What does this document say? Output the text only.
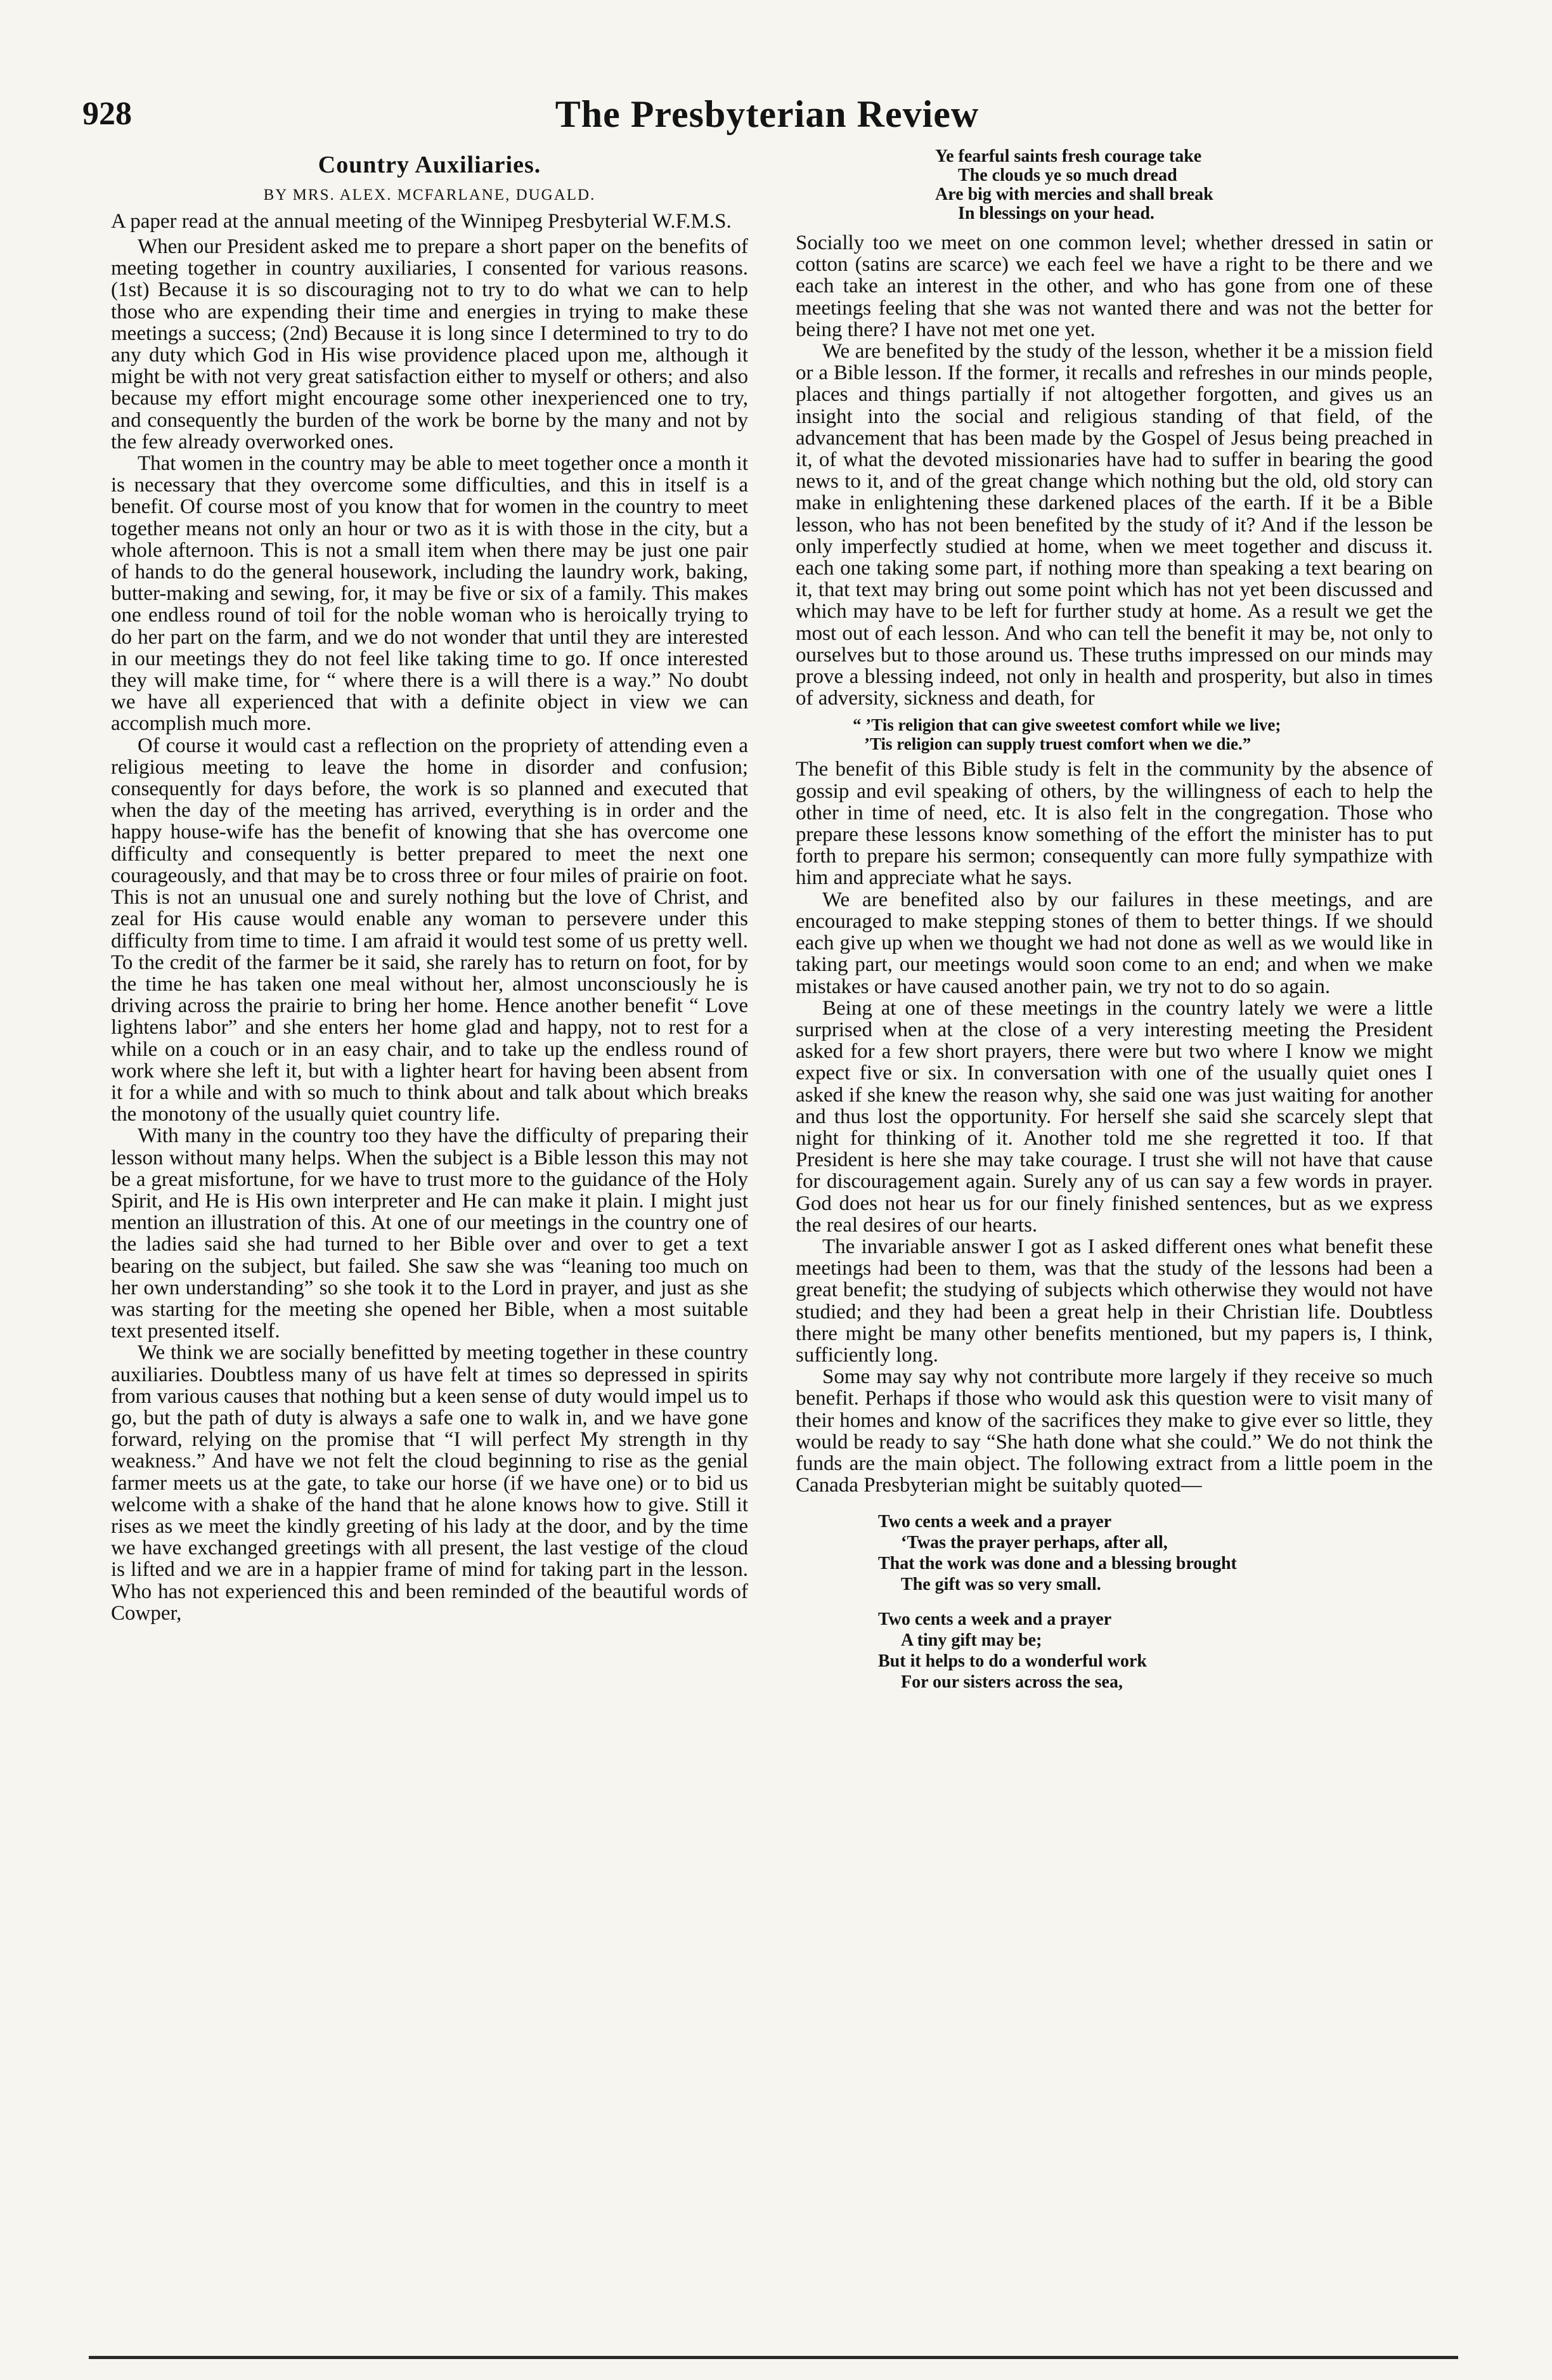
928	The Presbyterian Review
Country Auxiliaries.
BY MRS. ALEX. MCFARLANE, DUGALD.

A paper read at the annual meeting of the Winnipeg Presbyterial W.F.M.S.

When our President asked me to prepare a short paper on the benefits of meeting together in country auxiliaries, I consented for various reasons. (1st) Because it is so discouraging not to try to do what we can to help those who are expending their time and energies in trying to make these meetings a success; (2nd) Because it is long since I determined to try to do any duty which God in His wise providence placed upon me, although it might be with not very great satisfaction either to myself or others; and also because my effort might encourage some other inexperienced one to try, and consequently the burden of the work be borne by the many and not by the few already overworked ones.

That women in the country may be able to meet together once a month it is necessary that they overcome some difficulties, and this in itself is a benefit. Of course most of you know that for women in the country to meet together means not only an hour or two as it is with those in the city, but a whole afternoon. This is not a small item when there may be just one pair of hands to do the general housework, including the laundry work, baking, butter-making and sewing, for, it may be five or six of a family. This makes one endless round of toil for the noble woman who is heroically trying to do her part on the farm, and we do not wonder that until they are interested in our meetings they do not feel like taking time to go. If once interested they will make time, for “ where there is a will there is a way.” No doubt we have all experienced that with a definite object in view we can accomplish much more.

Of course it would cast a reflection on the propriety of attending even a religious meeting to leave the home in disorder and confusion; consequently for days before, the work is so planned and executed that when the day of the meeting has arrived, everything is in order and the happy house-wife has the benefit of knowing that she has overcome one difficulty and consequently is better prepared to meet the next one courageously, and that may be to cross three or four miles of prairie on foot. This is not an unusual one and surely nothing but the love of Christ, and zeal for His cause would enable any woman to persevere under this difficulty from time to time. I am afraid it would test some of us pretty well. To the credit of the farmer be it said, she rarely has to return on foot, for by the time he has taken one meal without her, almost unconsciously he is driving across the prairie to bring her home. Hence another benefit “ Love lightens labor” and she enters her home glad and happy, not to rest for a while on a couch or in an easy chair, and to take up the endless round of work where she left it, but with a lighter heart for having been absent from it for a while and with so much to think about and talk about which breaks the monotony of the usually quiet country life.

With many in the country too they have the difficulty of preparing their lesson without many helps. When the subject is a Bible lesson this may not be a great misfortune, for we have to trust more to the guidance of the Holy Spirit, and He is His own interpreter and He can make it plain. I might just mention an illustration of this. At one of our meetings in the country one of the ladies said she had turned to her Bible over and over to get a text bearing on the subject, but failed. She saw she was “leaning too much on her own understanding” so she took it to the Lord in prayer, and just as she was starting for the meeting she opened her Bible, when a most suitable text presented itself.

We think we are socially benefitted by meeting together in these country auxiliaries. Doubtless many of us have felt at times so depressed in spirits from various causes that nothing but a keen sense of duty would impel us to go, but the path of duty is always a safe one to walk in, and we have gone forward, relying on the promise that “I will perfect My strength in thy weakness.” And have we not felt the cloud beginning to rise as the genial farmer meets us at the gate, to take our horse (if we have one) or to bid us welcome with a shake of the hand that he alone knows how to give. Still it rises as we meet the kindly greeting of his lady at the door, and by the time we have exchanged greetings with all present, the last vestige of the cloud is lifted and we are in a happier frame of mind for taking part in the lesson. Who has not experienced this and been reminded of the beautiful words of Cowper,

Ye fearful saints fresh courage take
The clouds ye so much dread
Are big with mercies and shall break
In blessings on your head.

Socially too we meet on one common level; whether dressed in satin or cotton (satins are scarce) we each feel we have a right to be there and we each take an interest in the other, and who has gone from one of these meetings feeling that she was not wanted there and was not the better for being there? I have not met one yet.

We are benefited by the study of the lesson, whether it be a mission field or a Bible lesson. If the former, it recalls and refreshes in our minds people, places and things partially if not altogether forgotten, and gives us an insight into the social and religious standing of that field, of the advancement that has been made by the Gospel of Jesus being preached in it, of what the devoted missionaries have had to suffer in bearing the good news to it, and of the great change which nothing but the old, old story can make in enlightening these darkened places of the earth. If it be a Bible lesson, who has not been benefited by the study of it? And if the lesson be only imperfectly studied at home, when we meet together and discuss it. each one taking some part, if nothing more than speaking a text bearing on it, that text may bring out some point which has not yet been discussed and which may have to be left for further study at home. As a result we get the most out of each lesson. And who can tell the benefit it may be, not only to ourselves but to those around us. These truths impressed on our minds may prove a blessing indeed, not only in health and prosperity, but also in times of adversity, sickness and death, for

“ ’Tis religion that can give sweetest comfort while we live;
’Tis religion can supply truest comfort when we die.”

The benefit of this Bible study is felt in the community by the absence of gossip and evil speaking of others, by the willingness of each to help the other in time of need, etc. It is also felt in the congregation. Those who prepare these lessons know something of the effort the minister has to put forth to prepare his sermon; consequently can more fully sympathize with him and appreciate what he says.

We are benefited also by our failures in these meetings, and are encouraged to make stepping stones of them to better things. If we should each give up when we thought we had not done as well as we would like in taking part, our meetings would soon come to an end; and when we make mistakes or have caused another pain, we try not to do so again.

Being at one of these meetings in the country lately we were a little surprised when at the close of a very interesting meeting the President asked for a few short prayers, there were but two where I know we might expect five or six. In conversation with one of the usually quiet ones I asked if she knew the reason why, she said one was just waiting for another and thus lost the opportunity. For herself she said she scarcely slept that night for thinking of it. Another told me she regretted it too. If that President is here she may take courage. I trust she will not have that cause for discouragement again. Surely any of us can say a few words in prayer. God does not hear us for our finely finished sentences, but as we express the real desires of our hearts.

The invariable answer I got as I asked different ones what benefit these meetings had been to them, was that the study of the lessons had been a great benefit; the studying of subjects which otherwise they would not have studied; and they had been a great help in their Christian life. Doubtless there might be many other benefits mentioned, but my papers is, I think, sufficiently long.

Some may say why not contribute more largely if they receive so much benefit. Perhaps if those who would ask this question were to visit many of their homes and know of the sacrifices they make to give ever so little, they would be ready to say “She hath done what she could.” We do not think the funds are the main object. The following extract from a little poem in the Canada Presbyterian might be suitably quoted—

Two cents a week and a prayer
‘Twas the prayer perhaps, after all,
That the work was done and a blessing brought
The gift was so very small.
Two cents a week and a prayer
A tiny gift may be;
But it helps to do a wonderful work
For our sisters across the sea,
